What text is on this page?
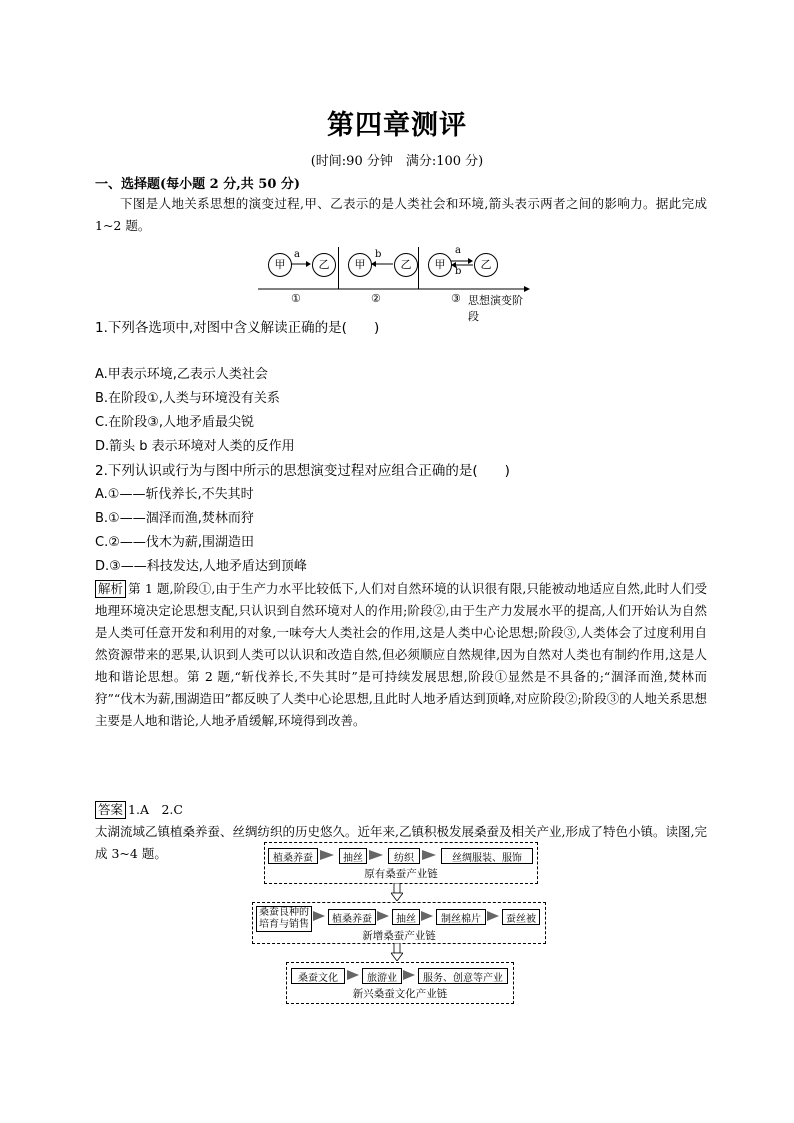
第四章测评
(时间:90 分钟　满分:100 分)
一、选择题(每小题 2 分,共 50 分)
下图是人地关系思想的演变过程,甲、乙表示的是人类社会和环境,箭头表示两者之间的影响力。据此完成 1~2 题。
甲
a
乙	甲
b
乙	甲
a
b
乙
①	②	③ 思想演变阶段
1.下列各选项中,对图中含义解读正确的是(　　)
A.甲表示环境,乙表示人类社会
B.在阶段①,人类与环境没有关系
C.在阶段③,人地矛盾最尖锐
D.箭头 b 表示环境对人类的反作用
2.下列认识或行为与图中所示的思想演变过程对应组合正确的是(　　)
A.①——斩伐养长,不失其时
B.①——涸泽而渔,焚林而狩
C.②——伐木为薪,围湖造田
D.③——科技发达,人地矛盾达到顶峰
解析 第 1 题,阶段①,由于生产力水平比较低下,人们对自然环境的认识很有限,只能被动地适应自然,此时人们受地理环境决定论思想支配,只认识到自然环境对人的作用;阶段②,由于生产力发展水平的提高,人们开始认为自然是人类可任意开发和利用的对象,一味夸大人类社会的作用,这是人类中心论思想;阶段③,人类体会了过度利用自然资源带来的恶果,认识到人类可以认识和改造自然,但必须顺应自然规律,因为自然对人类也有制约作用,这是人地和谐论思想。第 2 题,“斩伐养长,不失其时”是可持续发展思想,阶段①显然是不具备的;“涸泽而渔,焚林而狩”“伐木为薪,围湖造田”都反映了人类中心论思想,且此时人地矛盾达到顶峰,对应阶段②;阶段③的人地关系思想主要是人地和谐论,人地矛盾缓解,环境得到改善。
答案 1.A　2.C
太湖流域乙镇植桑养蚕、丝绸纺织的历史悠久。近年来,乙镇积极发展桑蚕及相关产业,形成了特色小镇。读图,完成 3~4 题。	植桑养蚕	抽丝	纺织	丝绸服装、服饰
原有桑蚕产业链
桑蚕良种的
培育与销售	植桑养蚕	抽丝	制丝棉片	蚕丝被
新增桑蚕产业链
桑蚕文化	旅游业	服务、创意等产业
新兴桑蚕文化产业链
